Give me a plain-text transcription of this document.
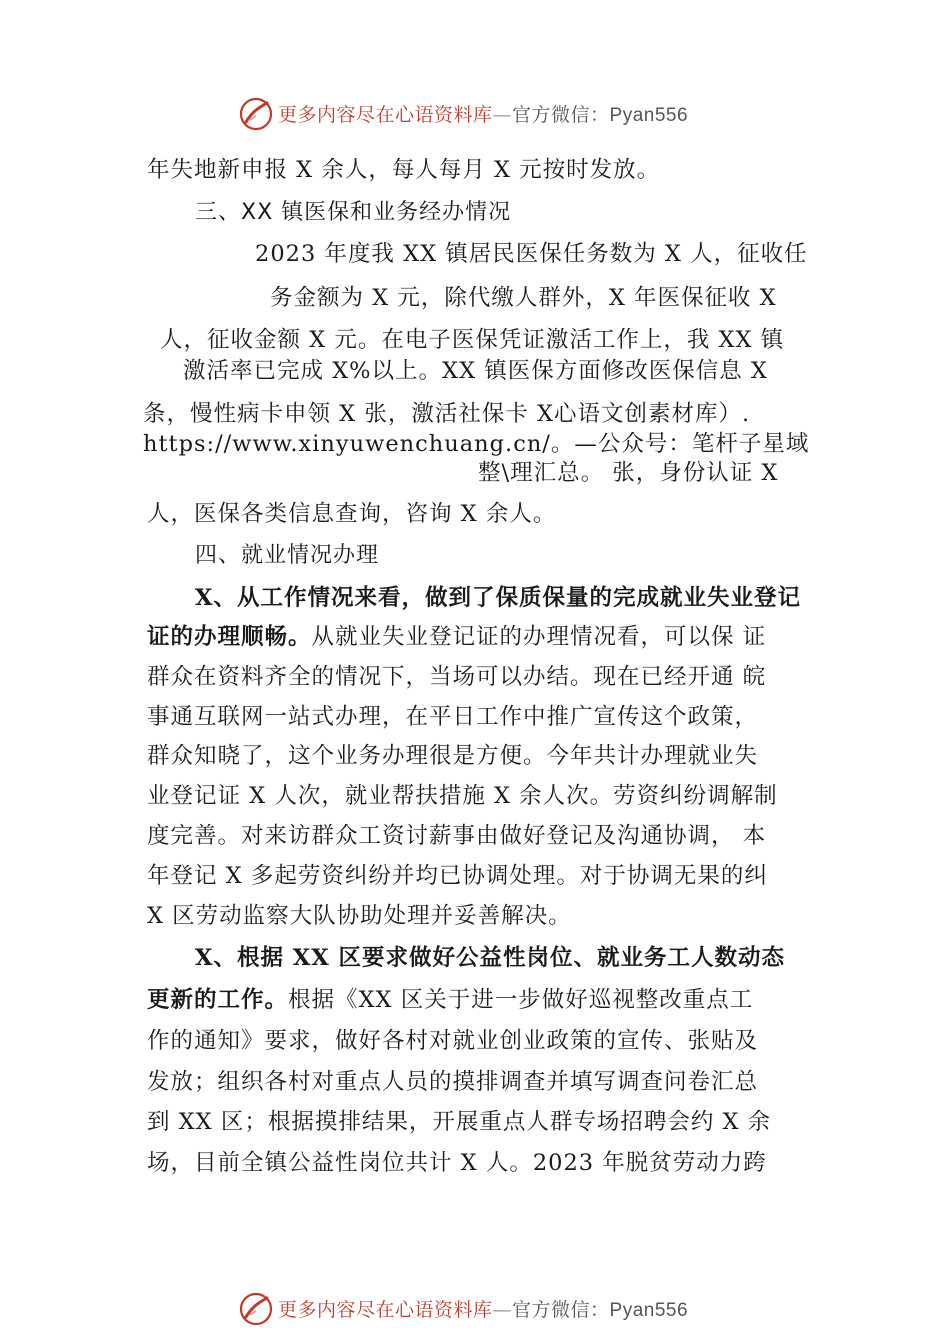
更多内容尽在心语资料库—官方微信：Pyan556
年失地新申报 X 余人，每人每月 X 元按时发放。
三、XX 镇医保和业务经办情况
2023 年度我 XX 镇居民医保任务数为 X 人，征收任
务金额为 X 元，除代缴人群外，X 年医保征收 X
人，征收金额 X 元。在电子医保凭证激活工作上，我 XX 镇
激活率已完成 X%以上。XX 镇医保方面修改医保信息 X
条，慢性病卡申领 X 张，激活社保卡 X心语文创素材库）.
https://www.xinyuwenchuang.cn/。—公众号：笔杆子星域
整\理汇总。 张，身份认证 X
人，医保各类信息查询，咨询 X 余人。
四、就业情况办理
X、从工作情况来看，做到了保质保量的完成就业失业登记
证的办理顺畅。从就业失业登记证的办理情况看，可以保 证
群众在资料齐全的情况下，当场可以办结。现在已经开通 皖
事通互联网一站式办理，在平日工作中推广宣传这个政策，
群众知晓了，这个业务办理很是方便。今年共计办理就业失
业登记证 X 人次，就业帮扶措施 X 余人次。劳资纠纷调解制
度完善。对来访群众工资讨薪事由做好登记及沟通协调， 本
年登记 X 多起劳资纠纷并均已协调处理。对于协调无果的纠
X 区劳动监察大队协助处理并妥善解决。
X、根据 XX 区要求做好公益性岗位、就业务工人数动态
更新的工作。根据《XX 区关于进一步做好巡视整改重点工
作的通知》要求，做好各村对就业创业政策的宣传、张贴及
发放；组织各村对重点人员的摸排调查并填写调查问卷汇总
到 XX 区；根据摸排结果，开展重点人群专场招聘会约 X 余
场，目前全镇公益性岗位共计 X 人。2023 年脱贫劳动力跨
更多内容尽在心语资料库—官方微信：Pyan556
